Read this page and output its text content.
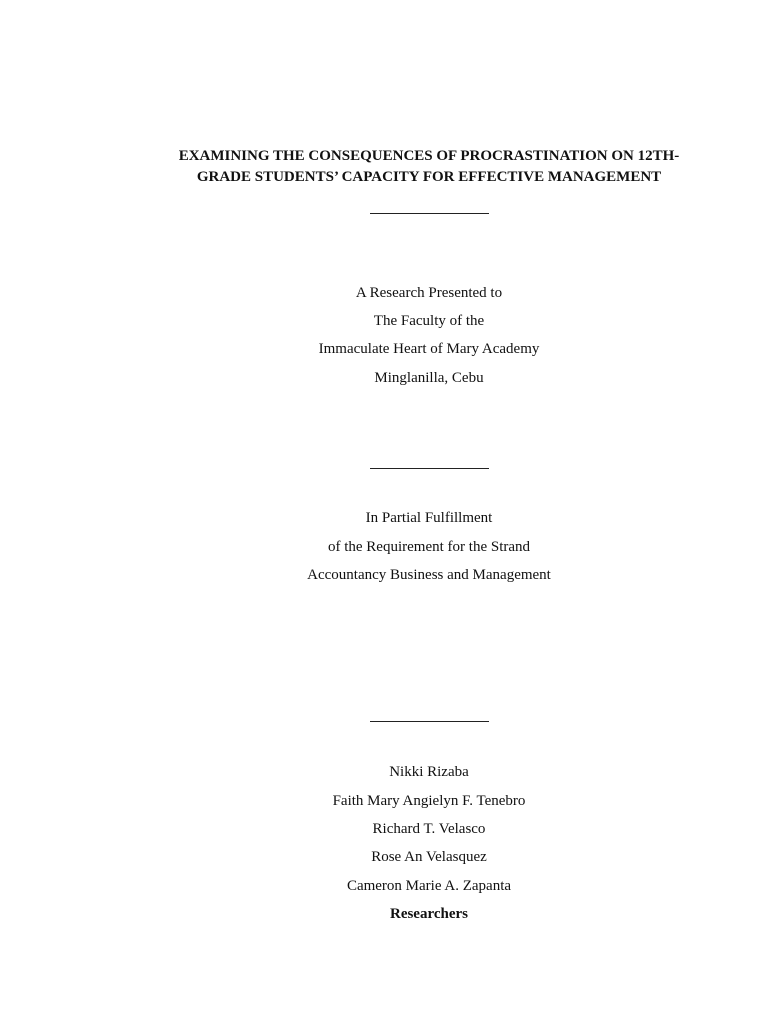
EXAMINING THE CONSEQUENCES OF PROCRASTINATION ON 12TH-
GRADE STUDENTS’ CAPACITY FOR EFFECTIVE MANAGEMENT
A Research Presented to
The Faculty of the
Immaculate Heart of Mary Academy
Minglanilla, Cebu
In Partial Fulfillment
of the Requirement for the Strand
Accountancy Business and Management
Nikki Rizaba
Faith Mary Angielyn F. Tenebro
Richard T. Velasco
Rose An Velasquez
Cameron Marie A. Zapanta
Researchers
